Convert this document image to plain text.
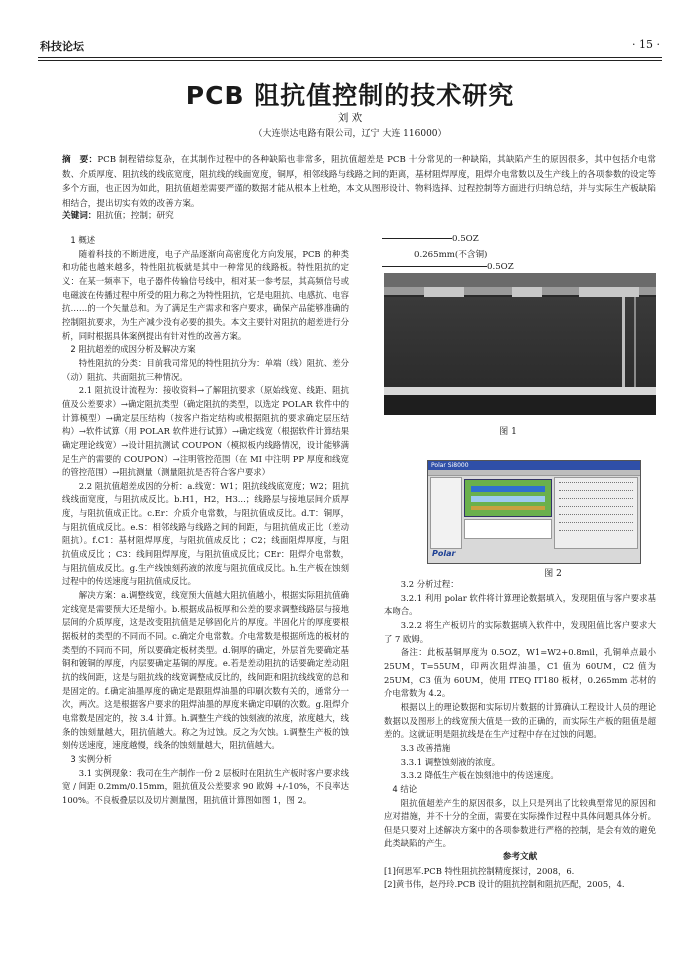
科技论坛	· 15 ·
PCB 阻抗值控制的技术研究
刘 欢
（大连崇达电路有限公司，辽宁 大连 116000）
摘　要：PCB 制程错综复杂，在其制作过程中的各种缺陷也非常多，阻抗值超差是 PCB 十分常见的一种缺陷，其缺陷产生的原因很多，其中包括介电常数、介质厚度、阻抗线的线底宽度，阻抗线的线面宽度，铜厚，相邻线路与线路之间的距离，基材阻焊厚度，阻焊介电常数以及生产线上的各项参数的设定等多个方面，也正因为如此，阻抗值超差需要严谨的数据才能从根本上杜绝，本文从图形设计、物料选择、过程控制等方面进行归纳总结，并与实际生产板缺陷相结合，提出切实有效的改善方案。
关键词：阻抗值；控制；研究
1 概述

随着科技的不断进度，电子产品逐渐向高密度化方向发展，PCB 的种类和功能也越来越多，特性阻抗板就是其中一种常见的线路板。特性阻抗的定义：在某一频率下，电子器件传输信号线中，相对某一参考层，其高频信号或电磁波在传播过程中所受的阻力称之为特性阻抗，它是电阻抗、电感抗、电容抗……的一个矢量总和。为了满足生产需求和客户要求，确保产品能够准确的控制阻抗要求，为生产减少没有必要的损失。本文主要针对阻抗的超差进行分析，同时根据具体案例提出有针对性的改善方案。

2 阻抗超差的成因分析及解决方案

特性阻抗的分类：目前我司常见的特性阻抗分为：单端（线）阻抗、差分（动）阻抗、共面阻抗三种情况。

2.1 阻抗设计流程为：接收资料→了解阻抗要求（原始线宽、线距、阻抗值及公差要求）→确定阻抗类型（确定阻抗的类型，以选定 POLAR 软件中的计算模型）→确定层压结构（按客户指定结构或根据阻抗的要求确定层压结构）→软件试算（用 POLAR 软件进行试算）→确定线宽（根据软件计算结果确定理论线宽）→设计阻抗测试 COUPON（模拟板内线路情况，设计能够满足生产的需要的 COUPON）→注明管控范围（在 MI 中注明 PP 厚度和线宽的管控范围）→阻抗测量（测量阻抗是否符合客户要求）

2.2 阻抗值超差成因的分析：a.线宽：W1；阻抗线线底宽度；W2；阻抗线线面宽度，与阻抗成反比。b.H1，H2，H3...；线路层与接地层间介质厚度，与阻抗值成正比。c.Er：介质介电常数，与阻抗值成反比。d.T：铜厚，与阻抗值成反比。e.S：相邻线路与线路之间的间距，与阻抗值成正比（差动阻抗）。f.C1：基材阻焊厚度，与阻抗值成反比 ；C2；线面阻焊厚度，与阻抗值成反比 ；C3：线间阻焊厚度，与阻抗值成反比；CEr：阻焊介电常数，与阻抗值成反比。g.生产线蚀刻药液的浓度与阻抗值成反比。h.生产板在蚀刻过程中的传送速度与阻抗值成反比。

解决方案：a.调整线宽，线宽预大值越大阻抗值越小，根据实际阻抗值确定线宽是需要预大还是缩小。b.根据成品板厚和公差的要求调整线路层与接地层间的介质厚度，这是改变阻抗值是足够固化片的厚度。半固化片的厚度要根据板材的类型的不同而不同。c.确定介电常数。介电常数是根据所选的板材的类型的不同而不同，所以要确定板材类型。d.铜厚的确定，外层首先要确定基铜和镀铜的厚度，内层要确定基铜的厚度。e.若是差动阻抗的话要确定差动阻抗的线间距，这是与阻抗线的线宽调整成反比的，线间距和阻抗线线宽的总和是固定的。f.确定油墨厚度的确定是跟阻焊油墨的印刷次数有关的，通常分一次，两次。这是根据客户要求的阻焊油墨的厚度来确定印刷的次数。g.阻焊介电常数是固定的，按 3.4 计算。h.调整生产线的蚀刻液的浓度，浓度越大，线条的蚀刻量越大，阻抗值越大。称之为过蚀。反之为欠蚀。i.调整生产板的蚀刻传送速度，速度越慢，线条的蚀刻量越大，阻抗值越大。

3 实例分析

3.1 实例现象：我司在生产制作一份 2 层板时在阻抗生产板时客户要求线宽 / 间距 0.2mm/0.15mm，阻抗值及公差要求 90 欧姆 +/-10%，不良率达 100%。不良板叠层以及切片测量图，阻抗值计算图如图 1，图 2。

0.5OZ
0.265mm(不含铜)
0.5OZ
图 1
Polar Si8000
Polar
图 2

3.2 分析过程：

3.2.1 利用 polar 软件将计算理论数据填入，发现阻值与客户要求基本吻合。

3.2.2 将生产板切片的实际数据填入软件中，发现阻值比客户要求大了 7 欧姆。

备注：此板基铜厚度为 0.5OZ，W1=W2+0.8mil，孔铜单点最小 25UM，T=55UM，印两次阻焊油墨，C1 值为 60UM，C2 值为 25UM，C3 值为 60UM，使用 ITEQ IT180 板材，0.265mm 芯材的介电常数为 4.2。

根据以上的理论数据和实际切片数据的计算确认工程设计人员的理论数据以及图形上的线宽预大值是一致的正确的，而实际生产板的阻值是超差的。这就证明是阻抗线是在生产过程中存在过蚀的问题。

3.3 改善措施

3.3.1 调整蚀刻液的浓度。

3.3.2 降低生产板在蚀刻池中的传送速度。

4 结论

阻抗值超差产生的原因很多，以上只是列出了比较典型常见的原因和应对措施，并不十分的全面，需要在实际操作过程中具体问题具体分析。但是只要对上述解决方案中的各项参数进行严格的控制，是会有效的避免此类缺陷的产生。

参考文献

[1]何思军.PCB 特性阻抗控制精度探讨，2008，6.

[2]黄书伟，赵丹玲.PCB 设计的阻抗控制和阻抗匹配，2005，4.
